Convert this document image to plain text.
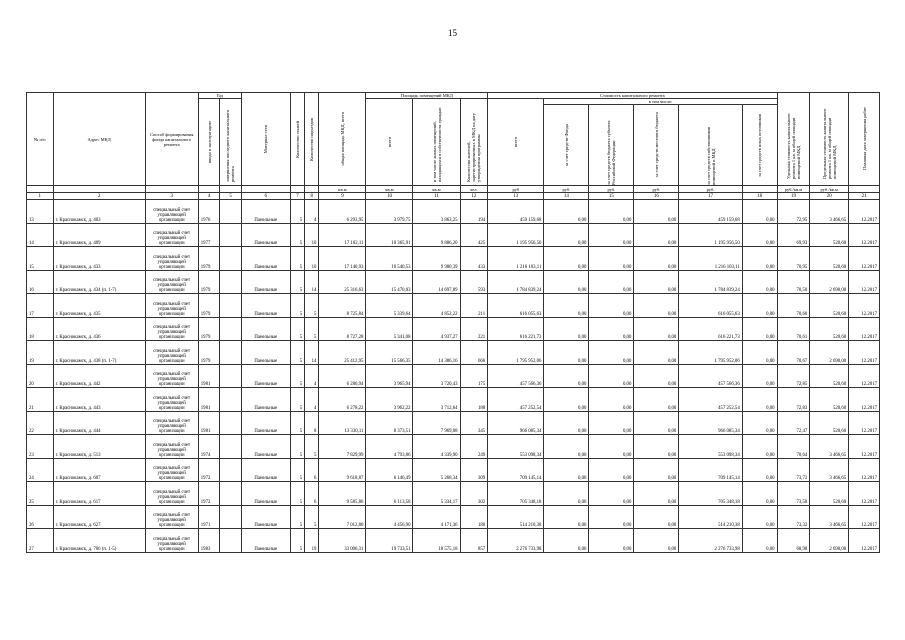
15
№ п/п	Адрес МКД	Способ формирования фонда капитального ремонта	Год		Материал стен	Количество этажей	Количество подъездов	общая площадь МКД, всего	Площадь помещений МКД			Стоимость капитального ремонта						Удельная стоимость капитального ремонта 1 кв. м общей площади помещений МКД	Предельная стоимость капитального ремонта 1 кв. м общей площади помещений МКД	Плановая дата завершения работ

			ввода в эксплуатацию	завершения последнего капитального ремонта					всего	в том числе жилых помещений, находящихся в собственности граждан	Количество жителей, зарегистрированных в МКД на дату утверждения программы	всего	в том числе:							

													за счет средств Фонда	за счет средств бюджета субъекта Российской Федерации	за счет средств местного бюджета	за счет средств собственников помещений в МКД	за счет средств иных источников			

								кв.м	кв.м	кв.м	чел.	руб	руб.	руб.	руб.	руб.		руб./кв.м	руб./кв.м	
1	2	3	4	5	6	7	8	9	10	11	12	13	14	15	16	17	18	19	20	21
13	г. Краснокамск, д. 403	специальный счет управляющей организации	1976		Панельные	5	4	6 293,95	3 979,75	3 863,25	194	459 159,68	0,00	0,00	0,00	459 159,68	0,00	72,95	3 466,65	12.2017
14	г. Краснокамск, д. 409	специальный счет управляющей организации	1977		Панельные	5	10	17 102,11	10 365,91	9 886,20	425	1 195 956,50	0,00	0,00	0,00	1 195 956,50	0,00	69,93	520,60	12.2017
15	г. Краснокамск, д. 433	специальный счет управляющей организации	1979		Панельные	5	10	17 140,93	10 540,53	9 980,39	433	1 216 103,11	0,00	0,00	0,00	1 216 103,11	0,00	70,95	520,60	12.2017
16	г. Краснокамск, д. 434 (п. 1-7)	специальный счет управляющей организации	1979		Панельные	5	14	25 316,63	15 470,03	14 697,89	593	1 784 839,24	0,00	0,00	0,00	1 784 839,24	0,00	70,50	2 690,00	12.2017
17	г. Краснокамск, д. 435	специальный счет управляющей организации	1979		Панельные	5	5	8 725,84	5 339,64	4 852,22	211	616 055,63	0,00	0,00	0,00	616 055,63	0,00	70,60	520,60	12.2017
18	г. Краснокамск, д. 436	специальный счет управляющей организации	1979		Панельные	5	5	8 727,28	5 341,08	4 937,27	221	616 221,73	0,00	0,00	0,00	616 221,73	0,00	70,61	520,60	12.2017
19	г. Краснокамск, д. 438 (п. 1-7)	специальный счет управляющей организации	1979		Панельные	5	14	25 412,95	15 566,35	14 386,16	666	1 795 952,06	0,00	0,00	0,00	1 795 952,06	0,00	70,67	2 690,00	12.2017
20	г. Краснокамск, д. 442	специальный счет управляющей организации	1981		Панельные	5	4	6 280,94	3 965,94	3 720,43	175	457 566,36	0,00	0,00	0,00	457 566,36	0,00	72,85	520,60	12.2017
21	г. Краснокамск, д. 443	специальный счет управляющей организации	1981		Панельные	5	4	6 278,22	3 962,22	3 712,64	188	457 252,54	0,00	0,00	0,00	457 252,54	0,00	72,83	520,60	12.2017
22	г. Краснокамск, д. 444	специальный счет управляющей организации	1981		Панельные	5	8	13 330,11	8 373,51	7 969,08	345	966 085,34	0,00	0,00	0,00	966 085,34	0,00	72,47	520,60	12.2017
23	г. Краснокамск, д. 513	специальный счет управляющей организации	1974		Панельные	5	5	7 829,99	4 793,86	4 339,90	249	553 098,34	0,00	0,00	0,00	553 098,34	0,00	70,64	3 466,65	12.2017
24	г. Краснокамск, д. 607	специальный счет управляющей организации	1972		Панельные	5	6	9 618,87	6 146,49	5 268,34	309	709 145,14	0,00	0,00	0,00	709 145,14	0,00	73,72	3 466,65	12.2017
25	г. Краснокамск, д. 617	специальный счет управляющей организации	1972		Панельные	5	6	9 585,86	6 113,58	5 334,17	302	705 348,18	0,00	0,00	0,00	705 348,18	0,00	73,58	520,60	12.2017
26	г. Краснокамск, д. 627	специальный счет управляющей организации	1971		Панельные	5	5	7 012,80	4 456,90	4 171,36	180	514 210,38	0,00	0,00	0,00	514 210,38	0,00	73,32	3 466,65	12.2017
27	г. Краснокамск, д. 706 (п. 1-5)	специальный счет управляющей организации	1983		Панельные	5	19	33 006,31	19 733,51	18 575,18	857	2 276 733,98	0,00	0,00	0,00	2 276 733,98	0,00	68,98	2 690,00	12.2017
